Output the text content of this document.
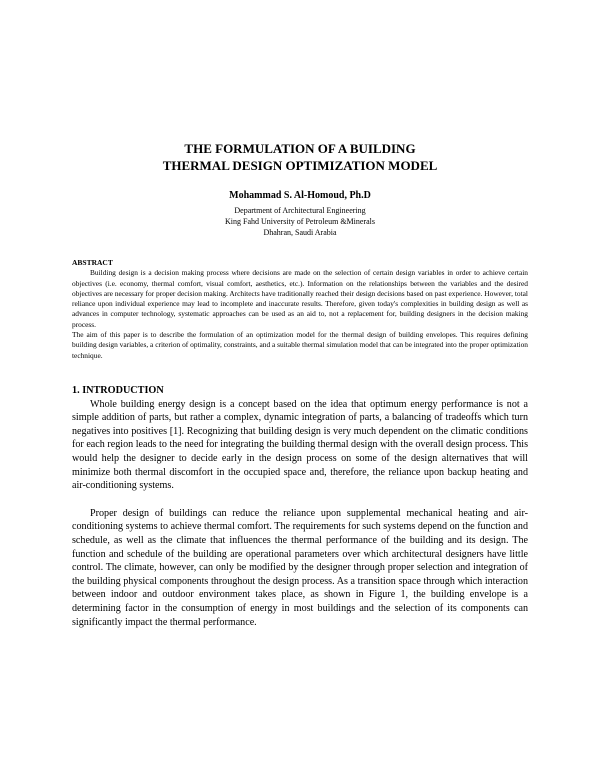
THE FORMULATION OF A BUILDING
THERMAL DESIGN OPTIMIZATION MODEL
Mohammad S. Al-Homoud, Ph.D
Department of Architectural Engineering
King Fahd University of Petroleum &Minerals
Dhahran, Saudi Arabia
ABSTRACT

Building design is a decision making process where decisions are made on the selection of certain design variables in order to achieve certain objectives (i.e. economy, thermal comfort, visual comfort, aesthetics, etc.). Information on the relationships between the variables and the desired objectives are necessary for proper decision making. Architects have traditionally reached their design decisions based on past experience. However, total reliance upon individual experience may lead to incomplete and inaccurate results. Therefore, given today's complexities in building design as well as advances in computer technology, systematic approaches can be used as an aid to, not a replacement for, building designers in the decision making process.

The aim of this paper is to describe the formulation of an optimization model for the thermal design of building envelopes. This requires defining building design variables, a criterion of optimality, constraints, and a suitable thermal simulation model that can be integrated into the proper optimization technique.

1. INTRODUCTION

Whole building energy design is a concept based on the idea that optimum energy performance is not a simple addition of parts, but rather a complex, dynamic integration of parts, a balancing of tradeoffs which turn negatives into positives [1]. Recognizing that building design is very much dependent on the climatic conditions for each region leads to the need for integrating the building thermal design with the overall design process. This would help the designer to decide early in the design process on some of the design alternatives that will minimize both thermal discomfort in the occupied space and, therefore, the reliance upon backup heating and air-conditioning systems.

Proper design of buildings can reduce the reliance upon supplemental mechanical heating and air-conditioning systems to achieve thermal comfort. The requirements for such systems depend on the function and schedule, as well as the climate that influences the thermal performance of the building and its design. The function and schedule of the building are operational parameters over which architectural designers have little control. The climate, however, can only be modified by the designer through proper selection and integration of the building physical components throughout the design process. As a transition space through which interaction between indoor and outdoor environment takes place, as shown in Figure 1, the building envelope is a determining factor in the consumption of energy in most buildings and the selection of its components can significantly impact the thermal performance.
